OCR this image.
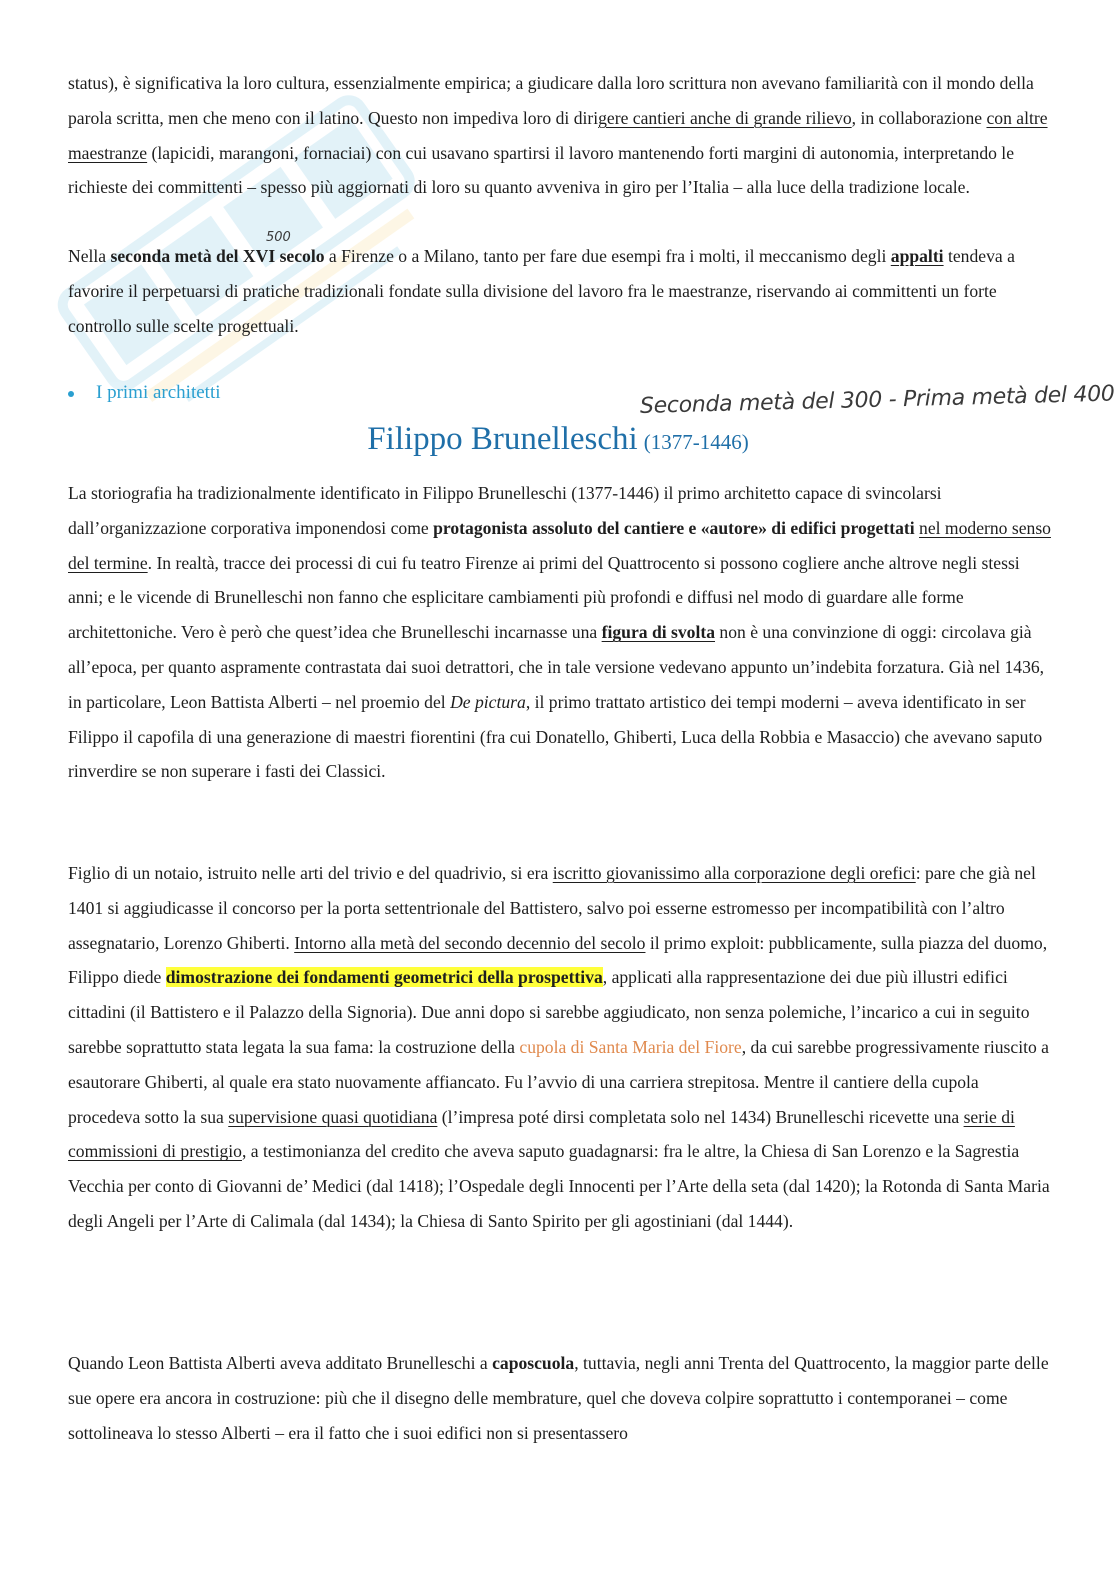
status), è significativa la loro cultura, essenzialmente empirica; a giudicare dalla loro scrittura non avevano familiarità con il mondo della parola scritta, men che meno con il latino. Questo non impediva loro di dirigere cantieri anche di grande rilievo, in collaborazione con altre maestranze (lapicidi, marangoni, fornaciai) con cui usavano spartirsi il lavoro mantenendo forti margini di autonomia, interpretando le richieste dei committenti – spesso più aggiornati di loro su quanto avveniva in giro per l’Italia – alla luce della tradizione locale.

500

Nella seconda metà del XVI secolo a Firenze o a Milano, tanto per fare due esempi fra i molti, il meccanismo degli appalti tendeva a favorire il perpetuarsi di pratiche tradizionali fondate sulla divisione del lavoro fra le maestranze, riservando ai committenti un forte controllo sulle scelte progettuali.

I primi architetti	Seconda metà del 300 - Prima metà del 400
Filippo Brunelleschi (1377-1446)

La storiografia ha tradizionalmente identificato in Filippo Brunelleschi (1377-1446) il primo architetto capace di svincolarsi dall’organizzazione corporativa imponendosi come protagonista assoluto del cantiere e «autore» di edifici progettati nel moderno senso del termine. In realtà, tracce dei processi di cui fu teatro Firenze ai primi del Quattrocento si possono cogliere anche altrove negli stessi anni; e le vicende di Brunelleschi non fanno che esplicitare cambiamenti più profondi e diffusi nel modo di guardare alle forme architettoniche. Vero è però che quest’idea che Brunelleschi incarnasse una figura di svolta non è una convinzione di oggi: circolava già all’epoca, per quanto aspramente contrastata dai suoi detrattori, che in tale versione vedevano appunto un’indebita forzatura. Già nel 1436, in particolare, Leon Battista Alberti – nel proemio del De pictura, il primo trattato artistico dei tempi moderni – aveva identificato in ser Filippo il capofila di una generazione di maestri fiorentini (fra cui Donatello, Ghiberti, Luca della Robbia e Masaccio) che avevano saputo rinverdire se non superare i fasti dei Classici.

Figlio di un notaio, istruito nelle arti del trivio e del quadrivio, si era iscritto giovanissimo alla corporazione degli orefici: pare che già nel 1401 si aggiudicasse il concorso per la porta settentrionale del Battistero, salvo poi esserne estromesso per incompatibilità con l’altro assegnatario, Lorenzo Ghiberti. Intorno alla metà del secondo decennio del secolo il primo exploit: pubblicamente, sulla piazza del duomo, Filippo diede dimostrazione dei fondamenti geometrici della prospettiva, applicati alla rappresentazione dei due più illustri edifici cittadini (il Battistero e il Palazzo della Signoria). Due anni dopo si sarebbe aggiudicato, non senza polemiche, l’incarico a cui in seguito sarebbe soprattutto stata legata la sua fama: la costruzione della cupola di Santa Maria del Fiore, da cui sarebbe progressivamente riuscito a esautorare Ghiberti, al quale era stato nuovamente affiancato. Fu l’avvio di una carriera strepitosa. Mentre il cantiere della cupola procedeva sotto la sua supervisione quasi quotidiana (l’impresa poté dirsi completata solo nel 1434) Brunelleschi ricevette una serie di commissioni di prestigio, a testimonianza del credito che aveva saputo guadagnarsi: fra le altre, la Chiesa di San Lorenzo e la Sagrestia Vecchia per conto di Giovanni de’ Medici (dal 1418); l’Ospedale degli Innocenti per l’Arte della seta (dal 1420); la Rotonda di Santa Maria degli Angeli per l’Arte di Calimala (dal 1434); la Chiesa di Santo Spirito per gli agostiniani (dal 1444).

Quando Leon Battista Alberti aveva additato Brunelleschi a caposcuola, tuttavia, negli anni Trenta del Quattrocento, la maggior parte delle sue opere era ancora in costruzione: più che il disegno delle membrature, quel che doveva colpire soprattutto i contemporanei – come sottolineava lo stesso Alberti – era il fatto che i suoi edifici non si presentassero
